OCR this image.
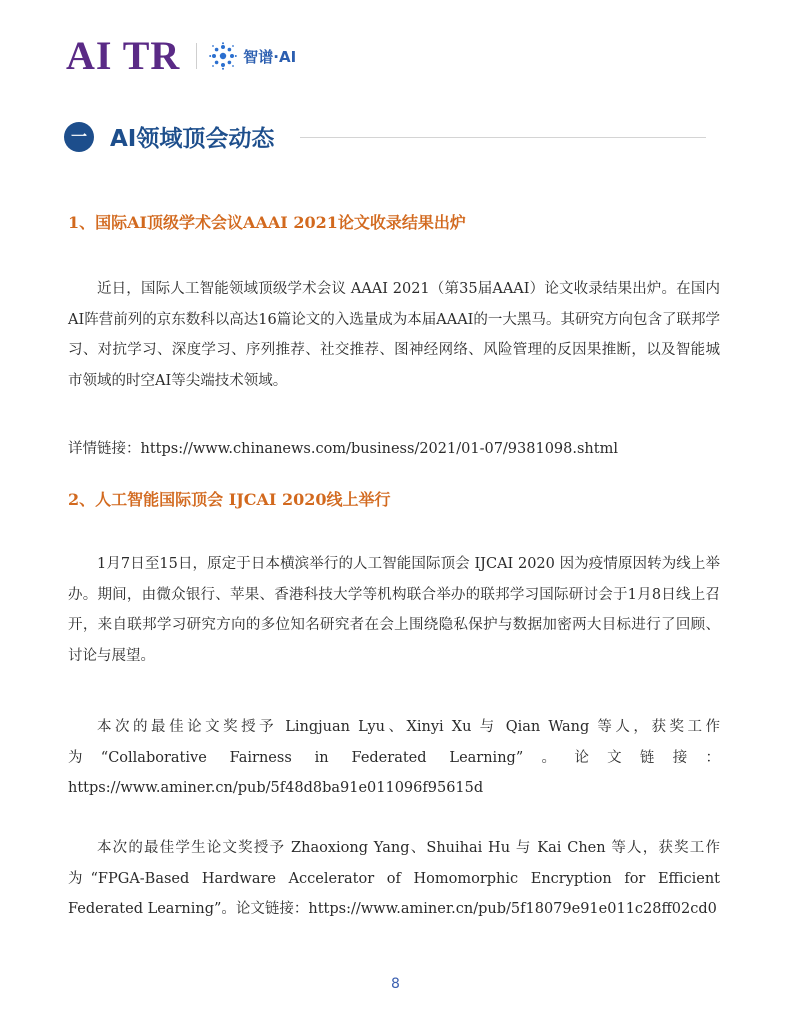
AI TR	智谱·AI
一	AI领域顶会动态
1、国际AI顶级学术会议AAAI 2021论文收录结果出炉

近日，国际人工智能领域顶级学术会议 AAAI 2021（第35届AAAI）论文收录结果出炉。在国内AI阵营前列的京东数科以高达16篇论文的入选量成为本届AAAI的一大黑马。其研究方向包含了联邦学习、对抗学习、深度学习、序列推荐、社交推荐、图神经网络、风险管理的反因果推断，以及智能城市领域的时空AI等尖端技术领域。

详情链接：https://www.chinanews.com/business/2021/01-07/9381098.shtml
2、人工智能国际顶会 IJCAI 2020线上举行

1月7日至15日，原定于日本横滨举行的人工智能国际顶会 IJCAI 2020 因为疫情原因转为线上举办。期间，由微众银行、苹果、香港科技大学等机构联合举办的联邦学习国际研讨会于1月8日线上召开，来自联邦学习研究方向的多位知名研究者在会上围绕隐私保护与数据加密两大目标进行了回顾、讨论与展望。

本次的最佳论文奖授予 Lingjuan Lyu、Xinyi Xu 与 Qian Wang 等人，获奖工作为“Collaborative Fairness in Federated Learning”。论文链接：https://www.aminer.cn/pub/5f48d8ba91e011096f95615d

本次的最佳学生论文奖授予 Zhaoxiong Yang、Shuihai Hu 与 Kai Chen 等人，获奖工作为“FPGA-Based Hardware Accelerator of Homomorphic Encryption for Efficient Federated Learning”。论文链接：https://www.aminer.cn/pub/5f18079e91e011c28ff02cd0

8
